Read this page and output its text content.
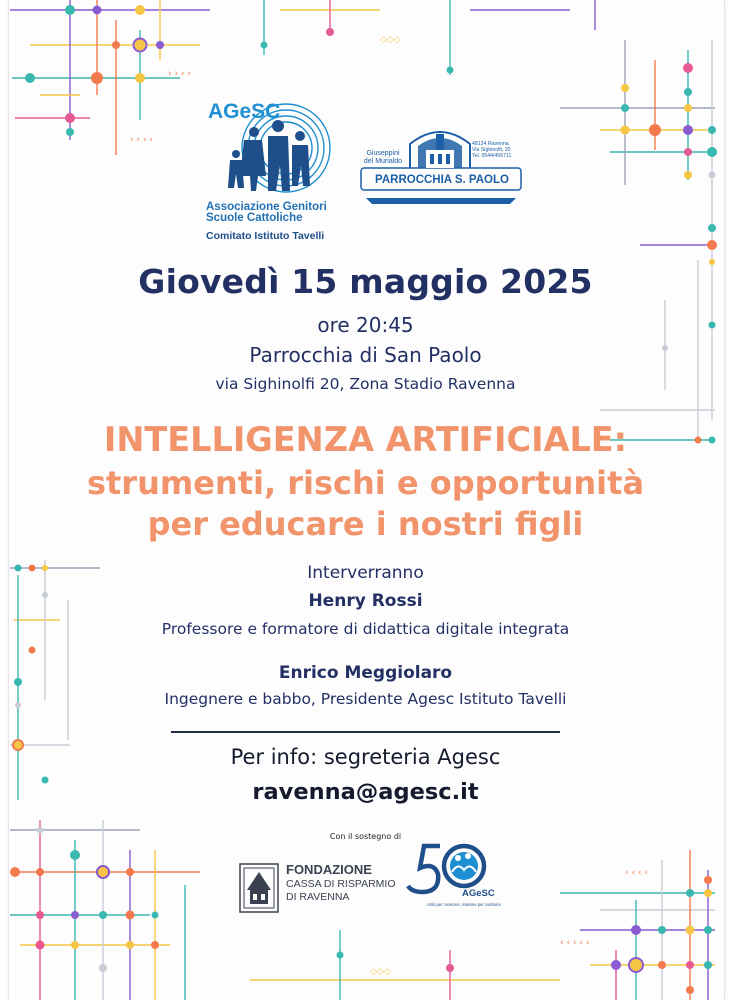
› › › ›
› › › ›
◇◇◇
‹ ‹ ‹ ‹
‹ ‹ ‹ ‹ ‹
◇◇◇
AGeSC
Associazione Genitori
Scuole Cattoliche
Comitato Istituto Tavelli
Giuseppini
del Murialdo
48124 Ravenna
Via Sighinolfi, 20
Tel. 0544/406711
PARROCCHIA S. PAOLO
Giovedì 15 maggio 2025
ore 20:45
Parrocchia di San Paolo
via Sighinolfi 20, Zona Stadio Ravenna
INTELLIGENZA ARTIFICIALE:
strumenti, rischi e opportunità
per educare i nostri figli
Interverranno
Henry Rossi
Professore e formatore di didattica digitale integrata
Enrico Meggiolaro
Ingegnere e babbo, Presidente Agesc Istituto Tavelli
Per info: segreteria Agesc
ravenna@agesc.it
Con il sostegno di
FONDAZIONE
CASSA DI RISPARMIO
DI RAVENNA	AGeSC
Uniti per crescere, insieme per costruire
